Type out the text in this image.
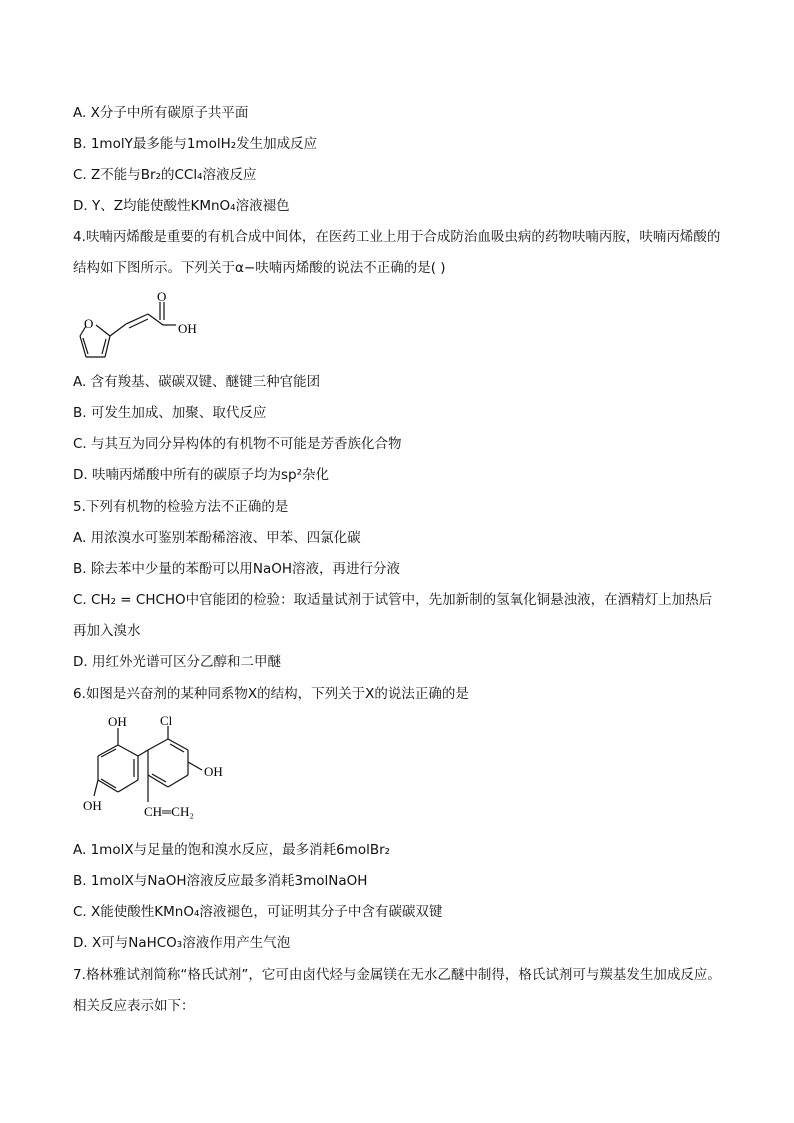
A. X分子中所有碳原子共平面
B. 1molY最多能与1molH₂发生加成反应
C. Z不能与Br₂的CCl₄溶液反应
D. Y、Z均能使酸性KMnO₄溶液褪色
4.呋喃丙烯酸是重要的有机合成中间体，在医药工业上用于合成防治血吸虫病的药物呋喃丙胺，呋喃丙烯酸的结构如下图所示。下列关于α−呋喃丙烯酸的说法不正确的是( )
O
O
OH
A. 含有羧基、碳碳双键、醚键三种官能团
B. 可发生加成、加聚、取代反应
C. 与其互为同分异构体的有机物不可能是芳香族化合物
D. 呋喃丙烯酸中所有的碳原子均为sp²杂化
5.下列有机物的检验方法不正确的是
A. 用浓溴水可鉴别苯酚稀溶液、甲苯、四氯化碳
B. 除去苯中少量的苯酚可以用NaOH溶液，再进行分液
C. CH₂ = CHCHO中官能团的检验：取适量试剂于试管中，先加新制的氢氧化铜悬浊液，在酒精灯上加热后再加入溴水
D. 用红外光谱可区分乙醇和二甲醚
6.如图是兴奋剂的某种同系物X的结构，下列关于X的说法正确的是
OH	Cl
OH
OH	CH═CH₂
A. 1molX与足量的饱和溴水反应，最多消耗6molBr₂
B. 1molX与NaOH溶液反应最多消耗3molNaOH
C. X能使酸性KMnO₄溶液褪色，可证明其分子中含有碳碳双键
D. X可与NaHCO₃溶液作用产生气泡
7.格林雅试剂简称“格氏试剂”，它可由卤代烃与金属镁在无水乙醚中制得，格氏试剂可与羰基发生加成反应。相关反应表示如下：
